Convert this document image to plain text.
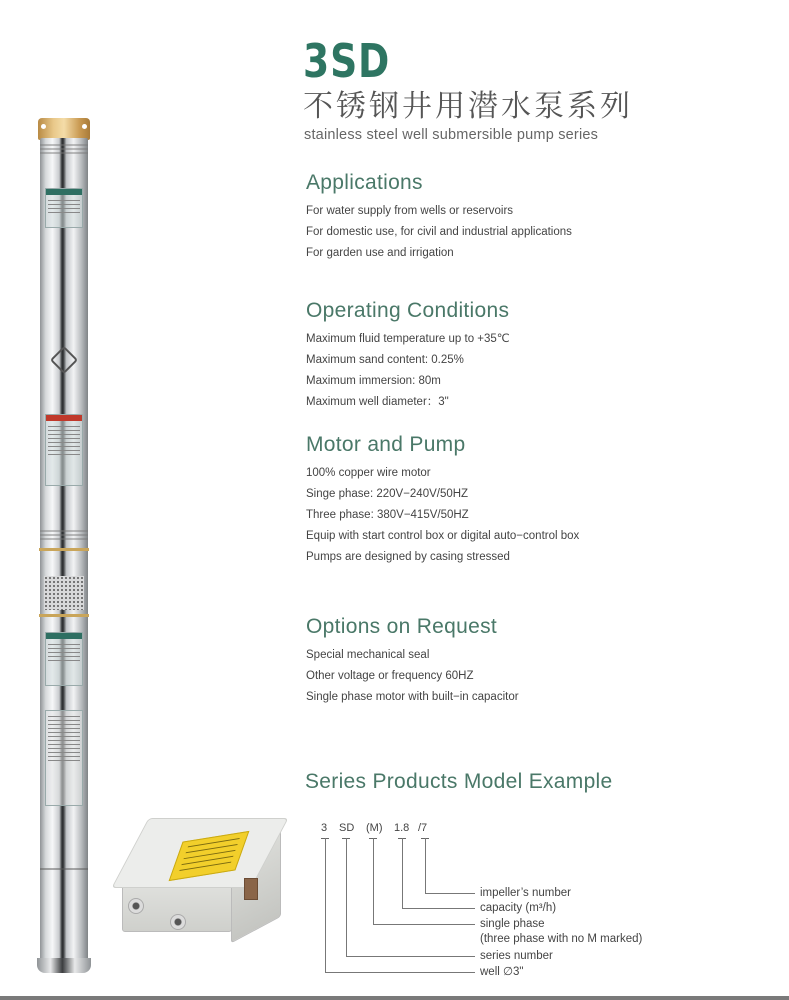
3SD
不锈钢井用潜水泵系列
stainless steel well submersible pump series
Applications
For water supply from wells or reservoirs
For domestic use, for civil and industrial applications
For garden use and irrigation
Operating Conditions
Maximum fluid temperature up to +35℃
Maximum sand content: 0.25%
Maximum immersion: 80m
Maximum well diameter：3"
Motor and Pump
100% copper wire motor
Singe phase: 220V−240V/50HZ
Three phase: 380V−415V/50HZ
Equip with start control box or digital auto−control box
Pumps are designed by casing stressed
Options on Request
Special mechanical seal
Other voltage or frequency 60HZ
Single phase motor with built−in capacitor
Series Products Model Example
3 SD (M) 1.8 /7
impeller’s number
capacity (m³/h)
single phase
(three phase with no M marked)
series number
well ∅3"
